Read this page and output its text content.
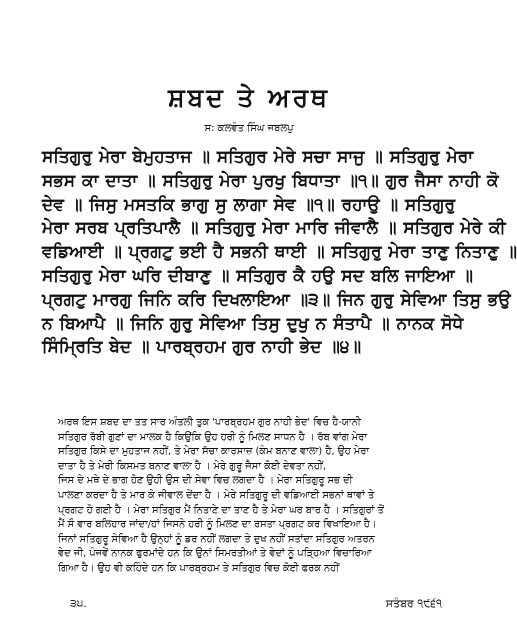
ਸ਼ਬਦ ਤੇ ਅਰਥ
ਸ: ਕਲਵੰਤ ਸਿੰਘ ਜਬਲਪੁ
ਸਤਿਗੁਰੁ ਮੇਰਾ ਬੇਮੁਹਤਾਜ ॥ ਸਤਿਗੁਰ ਮੇਰੇ ਸਚਾ ਸਾਜੁ ॥ ਸਤਿਗੁਰੁ ਮੇਰਾ
ਸਭਸ ਕਾ ਦਾਤਾ ॥ ਸਤਿਗੁਰੁ ਮੇਰਾ ਪੁਰਖੁ ਬਿਧਾਤਾ ॥੧॥ ਗੁਰ ਜੈਸਾ ਨਾਹੀ ਕੋ
ਦੇਵ ॥ ਜਿਸੁ ਮਸਤਕਿ ਭਾਗੁ ਸੁ ਲਾਗਾ ਸੇਵ ॥੧॥ ਰਹਾਉ ॥ ਸਤਿਗੁਰੁ
ਮੇਰਾ ਸਰਬ ਪ੍ਰਤਿਪਾਲੈ ॥ ਸਤਿਗੁਰੁ ਮੇਰਾ ਮਾਰਿ ਜੀਵਾਲੈ ॥ ਸਤਿਗੁਰ ਮੇਰੇ ਕੀ
ਵਡਿਆਈ ॥ ਪ੍ਰਗਟੁ ਭਈ ਹੈ ਸਭਨੀ ਥਾਈ ॥ ਸਤਿਗੁਰੁ ਮੇਰਾ ਤਾਣੁ ਨਿਤਾਣੁ ॥
ਸਤਿਗੁਰੁ ਮੇਰਾ ਘਰਿ ਦੀਬਾਣੁ ॥ ਸਤਿਗੁਰ ਕੈ ਹਉ ਸਦ ਬਲਿ ਜਾਇਆ ॥
ਪ੍ਰਗਟੁ ਮਾਰਗੁ ਜਿਨਿ ਕਰਿ ਦਿਖਲਾਇਆ ॥੩॥ ਜਿਨ ਗੁਰੁ ਸੇਵਿਆ ਤਿਸੁ ਭਉ
ਨ ਬਿਆਪੈ ॥ ਜਿਨਿ ਗੁਰੁ ਸੇਵਿਆ ਤਿਸੁ ਦੁਖੁ ਨ ਸੰਤਾਪੈ ॥ ਨਾਨਕ ਸੋਧੇ
ਸਿੰਮ੍ਰਿਤਿ ਬੇਦ ॥ ਪਾਰਬ੍ਰਹਮ ਗੁਰ ਨਾਹੀ ਭੇਦ ॥੪॥
ਅਰਥ ਇਸ ਸ਼ਬਦ ਦਾ ਤਤ ਸਾਰ ਅੰਤਲੀ ਤੁਕ 'ਪਾਰਬ੍ਰਹਮ ਗੁਰ ਨਾਹੀ ਭੇਦ' ਵਿਚ ਹੈ-ਯਾਨੀ
ਸਤਿਗੁਰ ਰੱਬੀ ਗੁਣਾਂ ਦਾ ਮਾਲਕ ਹੈ ਕਿਉਂਕਿ ਉਹ ਹਰੀ ਨੂੰ ਮਿਲਣ ਸਾਧਨ ਹੈ । ਰੱਬ ਵਾਂਗ ਮੇਰਾ
ਸਤਿਗੁਰ ਕਿਸੇ ਦਾ ਮੁਹਤਾਜ ਨਹੀਂ, ਤੇ ਮੇਰਾ ਸੱਚਾ ਕਾਰਸਾਜ਼ (ਕੰਮ ਬਨਾਣ ਵਾਲਾ) ਹੈ, ਉਹ ਮੇਰਾ
ਦਾਤਾ ਹੈ ਤੇ ਮੇਰੀ ਕਿਸਮਤ ਬਨਾਣ ਵਾਲਾ ਹੈ । ਮੇਰੇ ਗੁਰੂ ਜੈਸਾ ਕੋਈ ਦੇਵਤਾ ਨਹੀਂ,
ਜਿਸ ਦੇ ਮਥੇ ਦੇ ਭਾਗ ਹੋਣ ਉਹੀ ਉਸ ਦੀ ਸੇਵਾ ਵਿਚ ਲਗਦਾ ਹੈ । ਮੇਰਾ ਸਤਿਗੁਰੂ ਸਭ ਦੀ
ਪਾਲਣਾ ਕਰਦਾ ਹੈ ਤੇ ਮਾਰ ਕੇ ਜੀਵਾਲ ਦੇਂਦਾ ਹੈ । ਮੇਰੇ ਸਤਿਗੁਰੂ ਦੀ ਵਡਿਆਈ ਸਭਨਾਂ ਥਾਵਾਂ ਤੇ
ਪ੍ਰਗਟ ਹੋ ਗਈ ਹੈ । ਮੇਰਾ ਸਤਿਗੁਰ ਮੈਂ ਨਿਤਾਣੇ ਦਾ ਤਾਣ ਹੈ ਤੇ ਮੇਰਾ ਘਰ ਬਾਰ ਹੈ । ਸਤਿਗੁਰਾਂ ਤੋਂ
ਮੈਂ ਸੌ ਵਾਰ ਬਲਿਹਾਰ ਜਾਂਦਾ/ਹਾਂ ਜਿਸਨੇ ਹਰੀ ਨੂੰ ਮਿਲਣ ਦਾ ਰਸਤਾ ਪ੍ਰਗਟ ਕਰ ਵਿਖਾਇਆ ਹੈ।
ਜਿਨਾਂ ਸਤਿਗੁਰੂ ਸੇਵਿਆ ਹੈ ਉਨ੍ਹਾਂ ਨੂੰ ਡਰ ਨਹੀਂ ਲਗਦਾ ਤੇ ਦੁਖ ਨਹੀਂ ਸਤਾਂਦਾ ਸਤਿਗੁਰ ਅਤਰਨ
ਵੇਦ ਜੀ, ਪੰਜਵੇਂ ਨਾਨਕ ਫੁਰਮਾਂਦੇ ਹਨ ਕਿ ਉਨਾਂ ਸਿਮਰਤੀਆਂ ਤੇ ਵੇਦਾਂ ਨੂੰ ਪੜ੍ਹਿਆ ਵਿਚਾਰਿਆ
ਗਿਆ ਹੈ। ਉਹ ਵੀ ਕਹਿੰਦੇ ਹਨ ਕਿ ਪਾਰਬ੍ਰਹਮ ਤੇ ਸਤਿਗੁਰ ਵਿਚ ਕੋਈ ਫਰਕ ਨਹੀਂ
੩੫.	ਸਤੰਬਰ ੧੯੬੧
